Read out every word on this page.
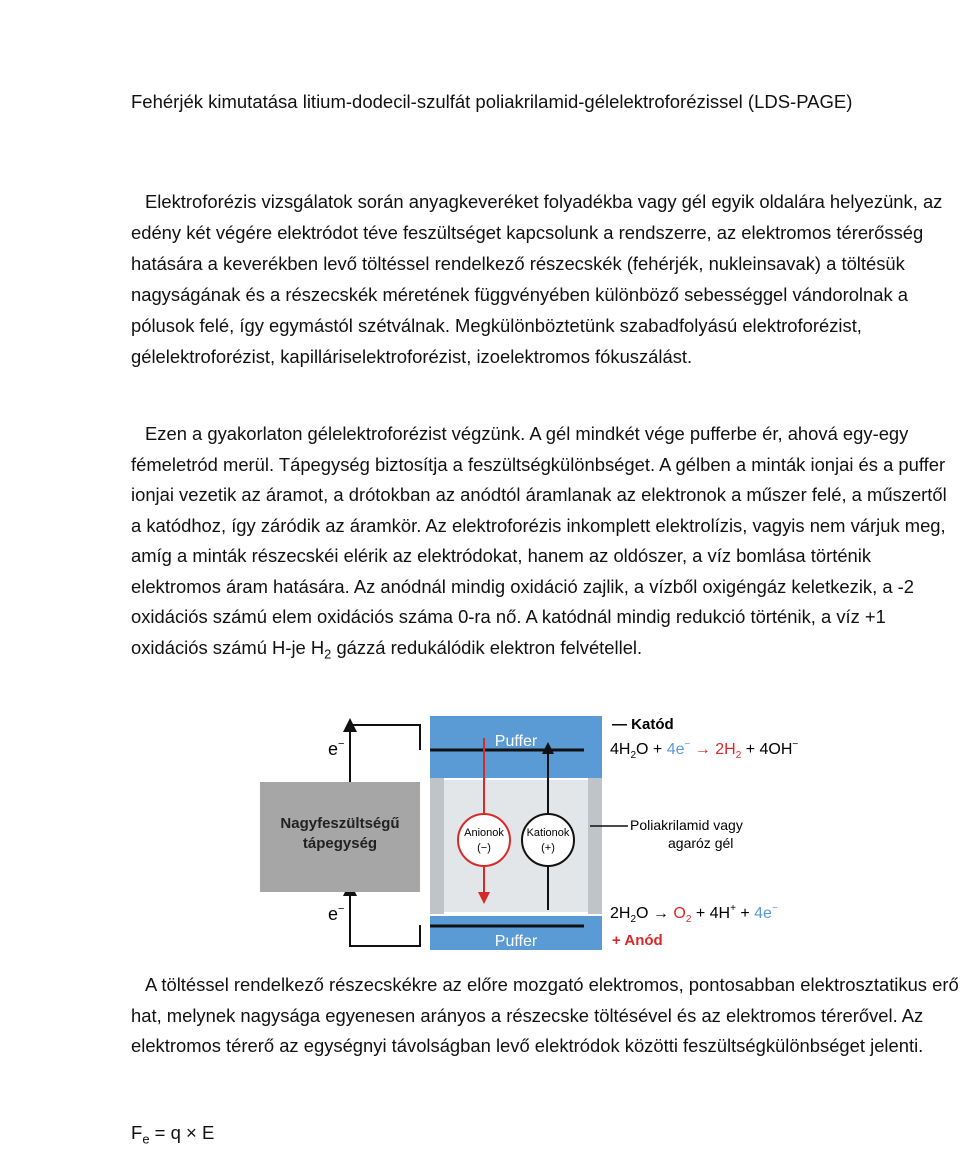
Fehérjék kimutatása litium-dodecil-szulfát poliakrilamid-gélelektroforézissel (LDS-PAGE)
Elektroforézis vizsgálatok során anyagkeveréket folyadékba vagy gél egyik oldalára helyezünk, az edény két végére elektródot téve feszültséget kapcsolunk a rendszerre, az elektromos térerősség hatására a keverékben levő töltéssel rendelkező részecskék (fehérjék, nukleinsavak) a töltésük nagyságának és a részecskék méretének függvényében különböző sebességgel vándorolnak a pólusok felé, így egymástól szétválnak. Megkülönböztetünk szabadfolyású elektroforézist, gélelektroforézist, kapilláriselektroforézist, izoelektromos fókuszálást.
Ezen a gyakorlaton gélelektroforézist végzünk. A gél mindkét vége pufferbe ér, ahová egy-egy fémeletród merül. Tápegység biztosítja a feszültségkülönbséget. A gélben a minták ionjai és a puffer ionjai vezetik az áramot, a drótokban az anódtól áramlanak az elektronok a műszer felé, a műszertől a katódhoz, így záródik az áramkör. Az elektroforézis inkomplett elektrolízis, vagyis nem várjuk meg, amíg a minták részecskéi elérik az elektródokat, hanem az oldószer, a víz bomlása történik elektromos áram hatására. Az anódnál mindig oxidáció zajlik, a vízből oxigéngáz keletkezik, a -2 oxidációs számú elem oxidációs száma 0-ra nő. A katódnál mindig redukció történik, a víz +1 oxidációs számú H-je $H_2$ gázzá redukálódik elektron felvétellel.
e−
e−
Nagyfeszültségű
tápegység
Puffer
Anionok
(−)
Kationok
(+)
Puffer
— Katód
$4H_2O + 4e^- \to 2H_2 + 4OH^-$
Poliakrilamid vagy
agaróz gél
$2H_2O \to O_2 + 4H^+ + 4e^-$
+ Anód
A töltéssel rendelkező részecskékre az előre mozgató elektromos, pontosabban elektrosztatikus erő hat, melynek nagysága egyenesen arányos a részecske töltésével és az elektromos térerővel. Az elektromos térerő az egységnyi távolságban levő elektródok közötti feszültségkülönbséget jelenti.
$F_e = q \times E$
